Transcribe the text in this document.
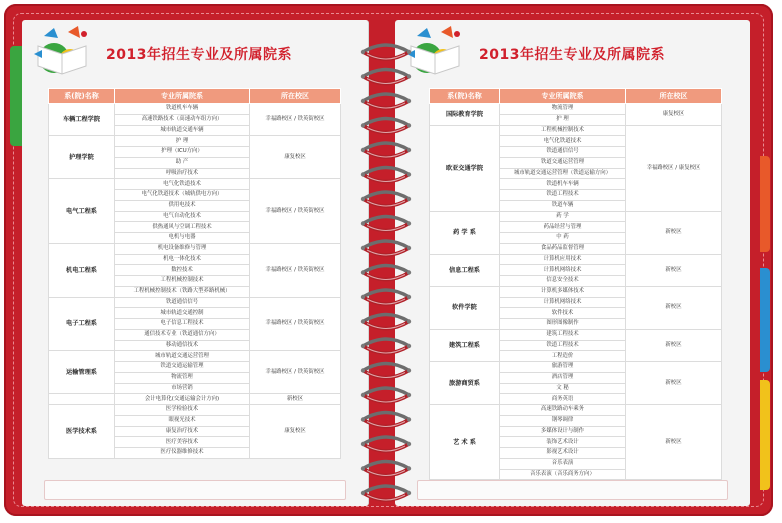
2013年招生专业及所属院系
系(院)名称	专业所属院系	所在校区
车辆工程学院	铁道机车车辆	幸福路校区 / 铁英街校区
	高速铁路技术（高速动车组方向）	
	城市轨道交通车辆	
护理学院	护 理	康复校区
	护理（ICU方向）	
	助 产	
	呼吸治疗技术	
电气工程系	电气化铁道技术	幸福路校区 / 铁英街校区
	电气化铁道技术（城轨供电方向）	
	供用电技术	
	电气自动化技术	
	供热通风与空调工程技术	
	电机与电器	
机电工程系	机电设备维修与管理	幸福路校区 / 铁英街校区
	机电一体化技术	
	数控技术	
	工程机械控制技术	
	工程机械控制技术（铁路大型养路机械）	
电子工程系	铁道通信信号	幸福路校区 / 铁英街校区
	城市轨道交通控制	
	电子信息工程技术	
	通信技术专业（铁道通信方向）	
	移动通信技术	
运输管理系	城市轨道交通运营管理	幸福路校区 / 铁英街校区
	铁道交通运输管理	
	物流管理	
	市场营销	
	会计电算化(交通运输会计方向)	新校区
医学技术系	医学检验技术	康复校区
	眼视光技术	
	康复治疗技术	
	医疗美容技术	
	医疗仪器维修技术	
2013年招生专业及所属院系
系(院)名称	专业所属院系	所在校区
国际教育学院	物流管理	康复校区
	护 理	
欧亚交通学院	工程机械控制技术	幸福路校区 / 康复校区
	电气化铁道技术	
	铁道通信信号	
	铁道交通运营管理	
	城市轨道交通运营管理（铁道运输方向）	
	铁道机车车辆	
	铁道工程技术	
	铁道车辆	
药 学 系	药 学	新校区
	药品经营与管理	
	中 药	
	食品药品监督管理	
信息工程系	计算机应用技术	新校区
	计算机网络技术	
	信息安全技术	
软件学院	计算机多媒体技术	新校区
	计算机网络技术	
	软件技术	
	图形图像制作	
建筑工程系	建筑工程技术	新校区
	铁道工程技术	
	工程造价	
旅游商贸系	旅游管理	新校区
	酒店管理	
	文 秘	
	商务英语	
艺 术 系	高速铁路动车乘务	新校区
	钢琴调律	
	多媒体设计与制作	
	装饰艺术设计	
	影视艺术设计	
	音乐表演	
	音乐表演（音乐商务方向）	
